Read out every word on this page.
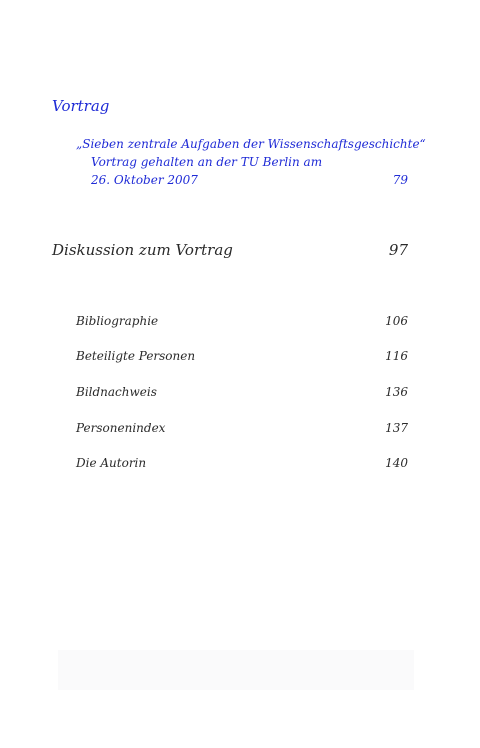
Vortrag
„Sieben zentrale Aufgaben der Wissenschaftsgeschichte“
Vortrag gehalten an der TU Berlin am
26. Oktober 2007	79
Diskussion zum Vortrag	97
Bibliographie	106
Beteiligte Personen	116
Bildnachweis	136
Personenindex	137
Die Autorin	140
